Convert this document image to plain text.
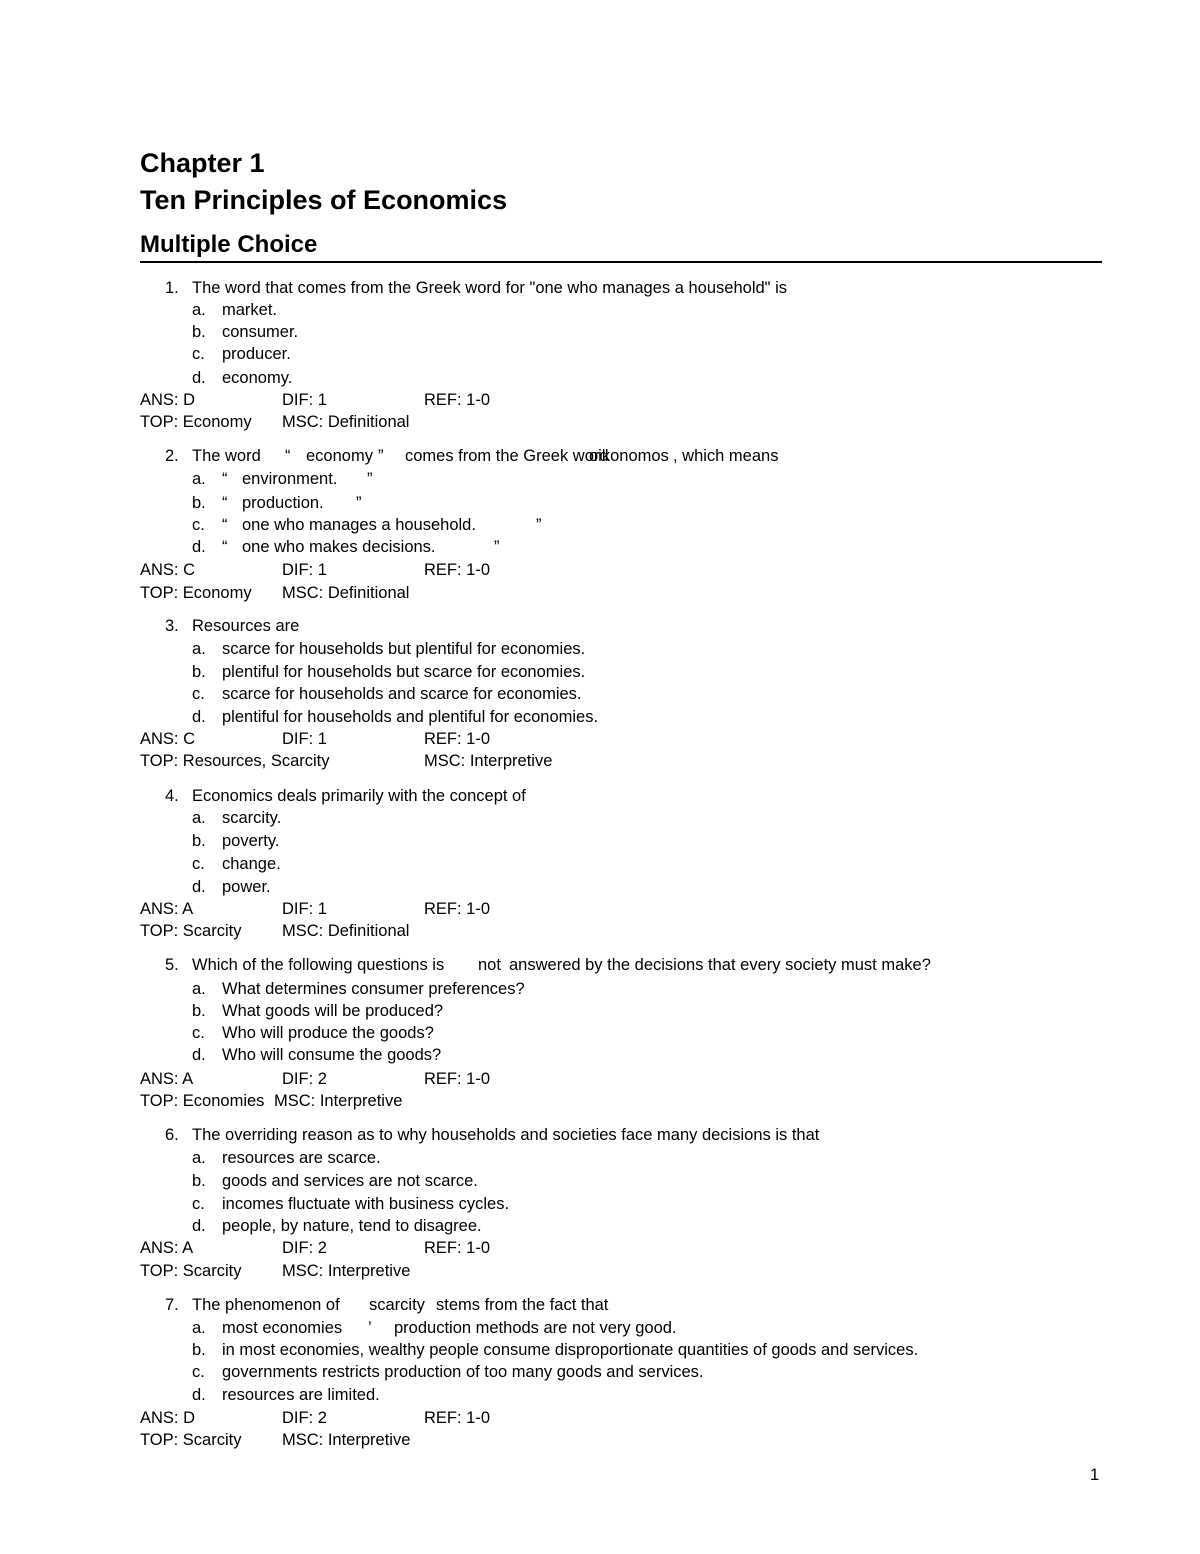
Chapter 1
Ten Principles of Economics
Multiple Choice
1. The word that comes from the Greek word for "one who manages a household" is
a. market.
b. consumer.
c. producer.
d. economy.
ANS: D	DIF: 1	REF: 1-0
TOP: Economy MSC: Definitional
2. The word “ economy ” comes from the Greek word
oikonomos , which means
a. “ environment. ”
b. “ production. ”
c. “ one who manages a household.	”
d. “ one who makes decisions.	”
ANS: C	DIF: 1	REF: 1-0
TOP: Economy MSC: Definitional
3. Resources are
a. scarce for households but plentiful for economies.
b. plentiful for households but scarce for economies.
c. scarce for households and scarce for economies.
d. plentiful for households and plentiful for economies.
ANS: C	DIF: 1	REF: 1-0
TOP: Resources, Scarcity	MSC: Interpretive
4. Economics deals primarily with the concept of
a. scarcity.
b. poverty.
c. change.
d. power.
ANS: A	DIF: 1	REF: 1-0
TOP: Scarcity MSC: Definitional
5. Which of the following questions is not answered by the decisions that every society must make?
a. What determines consumer preferences?
b. What goods will be produced?
c. Who will produce the goods?
d. Who will consume the goods?
ANS: A	DIF: 2	REF: 1-0
TOP: Economies MSC: Interpretive
6. The overriding reason as to why households and societies face many decisions is that
a. resources are scarce.
b. goods and services are not scarce.
c. incomes fluctuate with business cycles.
d. people, by nature, tend to disagree.
ANS: A	DIF: 2	REF: 1-0
TOP: Scarcity MSC: Interpretive
7. The phenomenon of scarcity stems from the fact that
a. most economies ’ production methods are not very good.
b. in most economies, wealthy people consume disproportionate quantities of goods and services.
c. governments restricts production of too many goods and services.
d. resources are limited.
ANS: D	DIF: 2	REF: 1-0
TOP: Scarcity MSC: Interpretive
1
